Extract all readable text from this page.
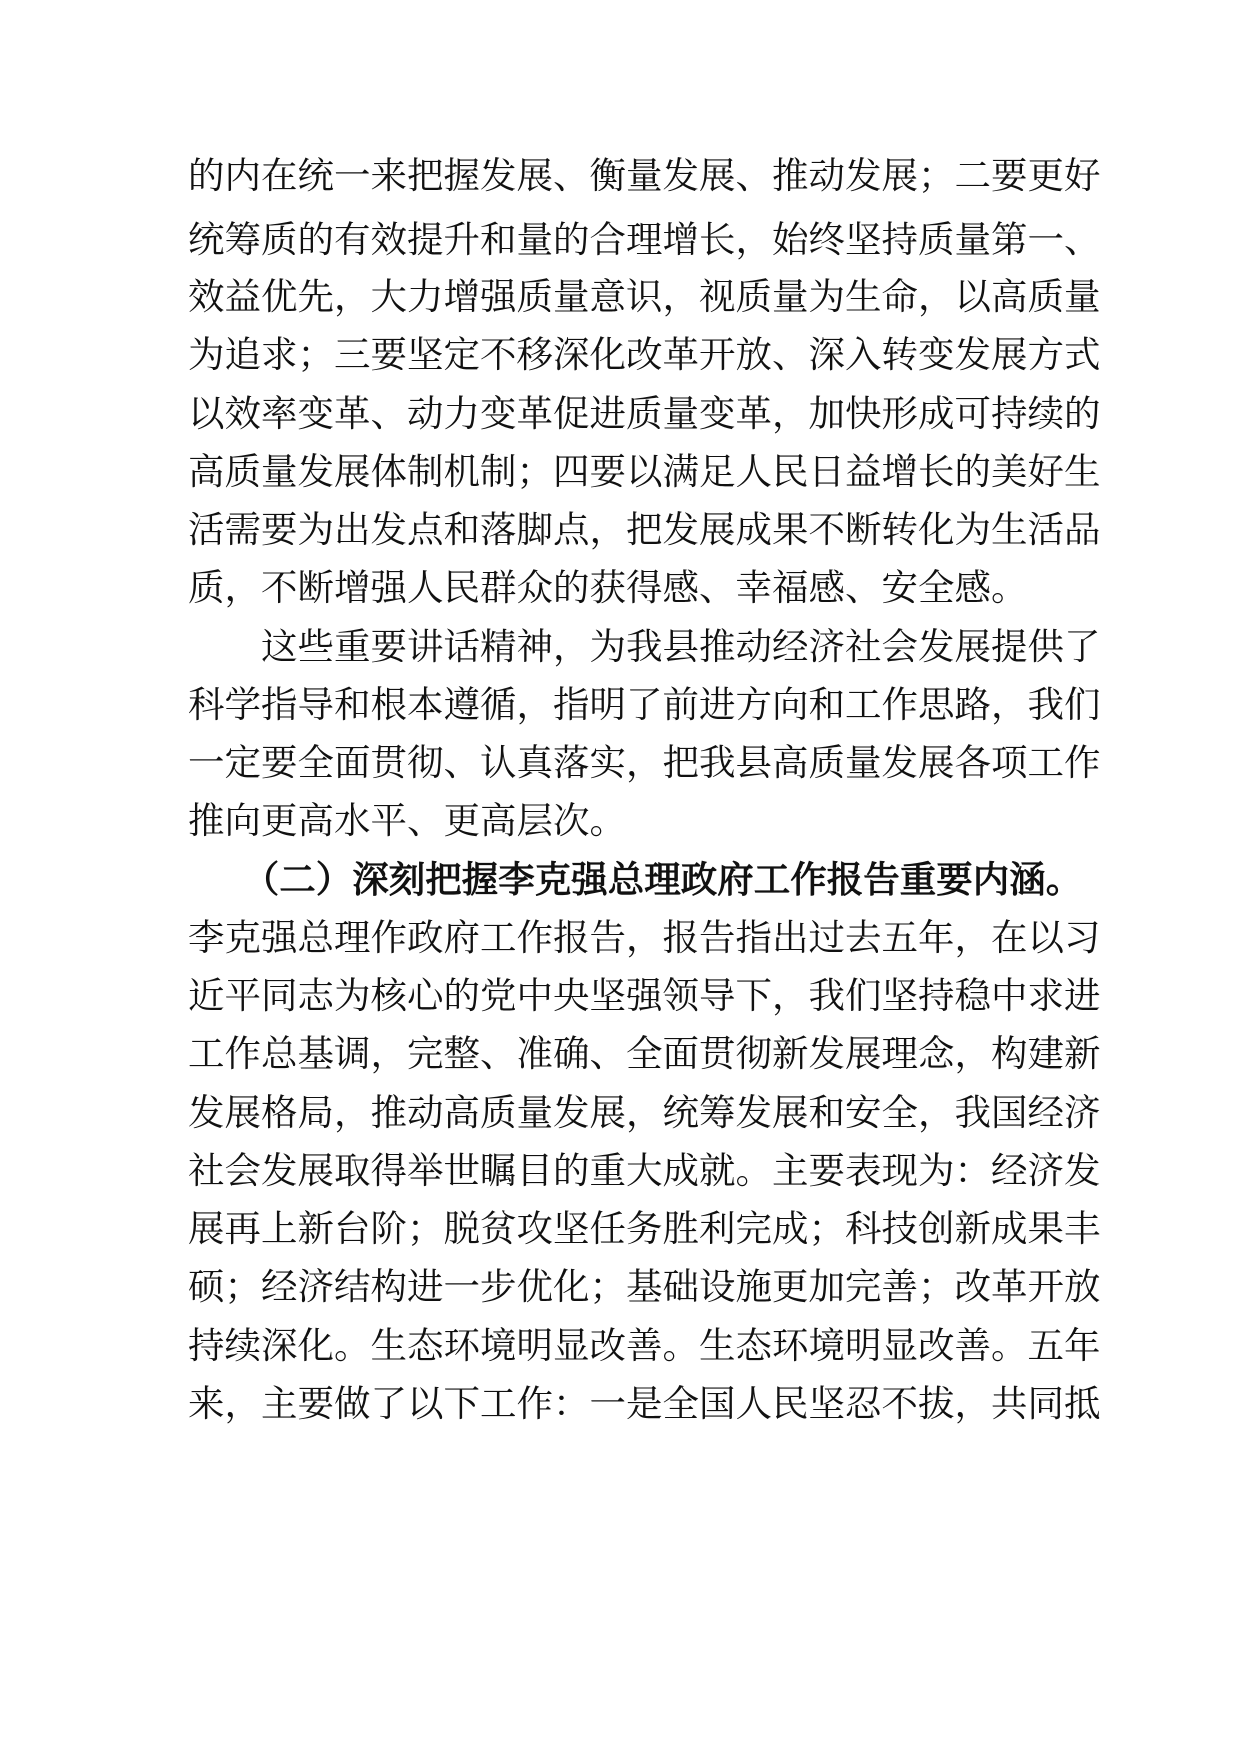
的内在统一来把握发展、衡量发展、推动发展；二要更好
统筹质的有效提升和量的合理增长，始终坚持质量第一、
效益优先，大力增强质量意识，视质量为生命，以高质量
为追求；三要坚定不移深化改革开放、深入转变发展方式
以效率变革、动力变革促进质量变革，加快形成可持续的
高质量发展体制机制；四要以满足人民日益增长的美好生
活需要为出发点和落脚点，把发展成果不断转化为生活品
质，不断增强人民群众的获得感、幸福感、安全感。
　　这些重要讲话精神，为我县推动经济社会发展提供了
科学指导和根本遵循，指明了前进方向和工作思路，我们
一定要全面贯彻、认真落实，把我县高质量发展各项工作
推向更高水平、更高层次。
　　（二）深刻把握李克强总理政府工作报告重要内涵。
李克强总理作政府工作报告，报告指出过去五年，在以习
近平同志为核心的党中央坚强领导下，我们坚持稳中求进
工作总基调，完整、准确、全面贯彻新发展理念，构建新
发展格局，推动高质量发展，统筹发展和安全，我国经济
社会发展取得举世瞩目的重大成就。主要表现为：经济发
展再上新台阶；脱贫攻坚任务胜利完成；科技创新成果丰
硕；经济结构进一步优化；基础设施更加完善；改革开放
持续深化。生态环境明显改善。生态环境明显改善。五年
来，主要做了以下工作：一是全国人民坚忍不拔，共同抵
